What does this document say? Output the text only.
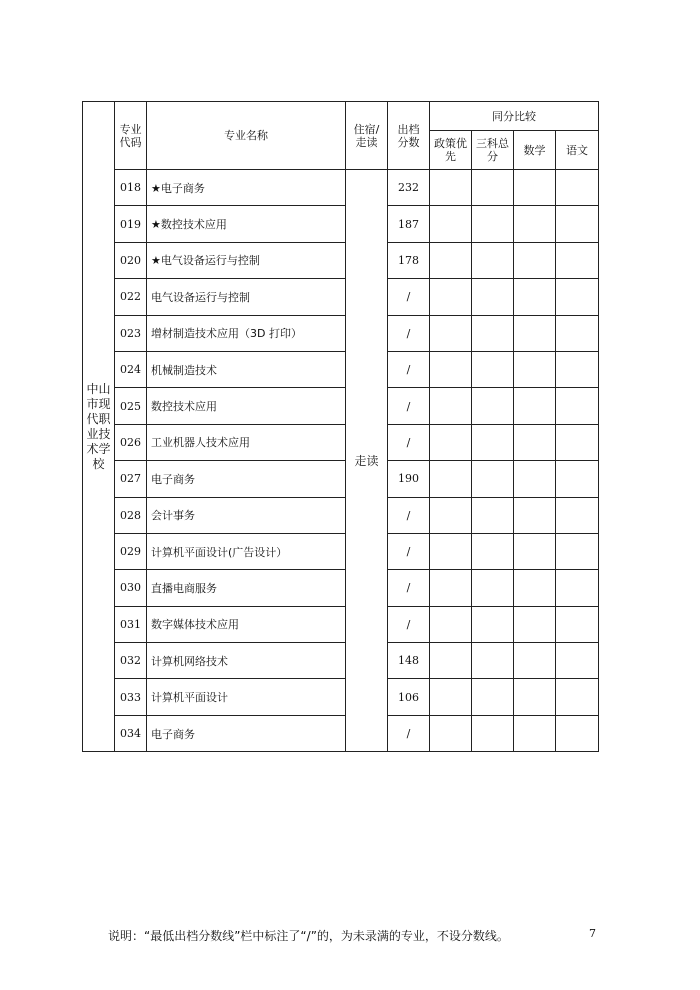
中山市现代职业技术学校	专业代码	专业名称	住宿/走读	出档分数	同分比较			
					政策优先	三科总分	数学	语文
	018	★电子商务	走读	232				
	019	★数控技术应用		187				
	020	★电气设备运行与控制		178				
	022	电气设备运行与控制		/				
	023	增材制造技术应用（3D 打印）		/				
	024	机械制造技术		/				
	025	数控技术应用		/				
	026	工业机器人技术应用		/				
	027	电子商务		190				
	028	会计事务		/				
	029	计算机平面设计(广告设计）		/				
	030	直播电商服务		/				
	031	数字媒体技术应用		/				
	032	计算机网络技术		148				
	033	计算机平面设计		106				
	034	电子商务		/				
说明：“最低出档分数线”栏中标注了“/”的，为未录满的专业，不设分数线。	7
